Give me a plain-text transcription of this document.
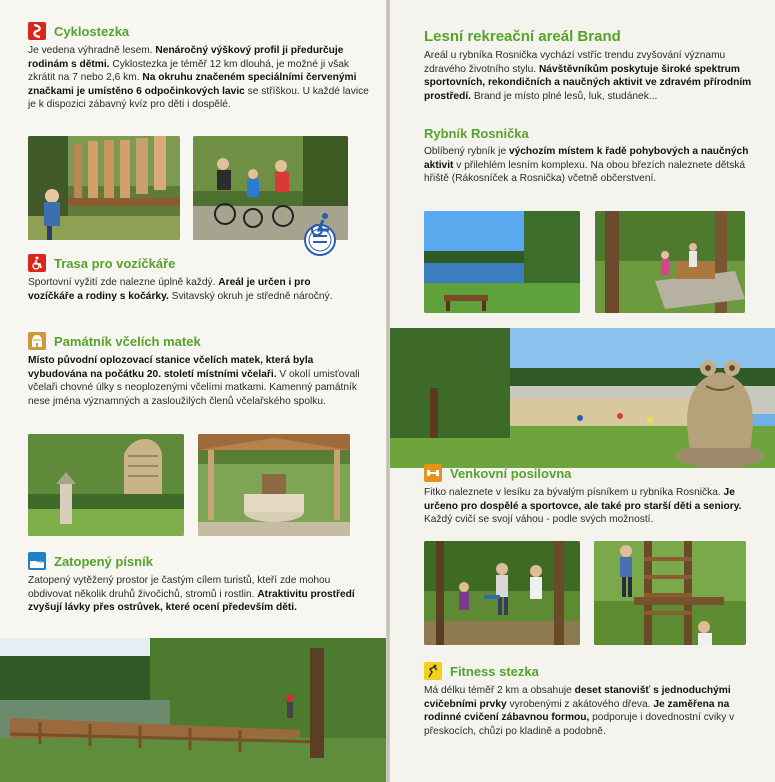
Cyklostezka
Je vedena výhradně lesem. Nenáročný výškový profil ji předurčuje rodinám s dětmi. Cyklostezka je téměř 12 km dlouhá, je možné ji však zkrátit na 7 nebo 2,6 km. Na okruhu značeném speciálními červenými značkami je umístěno 6 odpočinkových lavic se stříškou. U každé lavice je k dispozici zábavný kvíz pro děti i dospělé.
Trasa pro vozíčkáře
Sportovní vyžití zde nalezne úplně každý. Areál je určen i pro vozíčkáře a rodiny s kočárky. Svitavský okruh je středně náročný.
Památník včelích matek
Místo původní oplozovací stanice včelích matek, která byla vybudována na počátku 20. století místními včelaři. V okolí umisťovali včelaři chovné úlky s neoplozenými včelími matkami. Kamenný památník nese jména významných a zasloužilých členů včelařského spolku.
Zatopený písník
Zatopený vytěžený prostor je častým cílem turistů, kteří zde mohou obdivovat několik druhů živočichů, stromů i rostlin. Atraktivitu prostředí zvyšují lávky přes ostrůvek, které ocení především děti.
Lesní rekreační areál Brand
Areál u rybníka Rosnička vychází vstříc trendu zvyšování významu zdravého životního stylu. Návštěvníkům poskytuje široké spektrum sportovních, rekondičních a naučných aktivit ve zdravém přírodním prostředí. Brand je místo plné lesů, luk, studánek...
Rybník Rosnička
Oblíbený rybník je výchozím místem k řadě pohybových a naučných aktivit v přilehlém lesním komplexu. Na obou březích naleznete dětská hřiště (Rákosníček a Rosnička) včetně občerstvení.
Venkovní posilovna
Fitko naleznete v lesíku za bývalým písníkem u rybníka Rosnička. Je určeno pro dospělé a sportovce, ale také pro starší děti a seniory. Každý cvičí se svojí váhou - podle svých možností.
Fitness stezka
Má délku téměř 2 km a obsahuje deset stanovišť s jednoduchými cvičebními prvky vyrobenými z akátového dřeva. Je zaměřena na rodinné cvičení zábavnou formou, podporuje i dovednostní cviky v přeskocích, chůzi po kladině a podobně.
